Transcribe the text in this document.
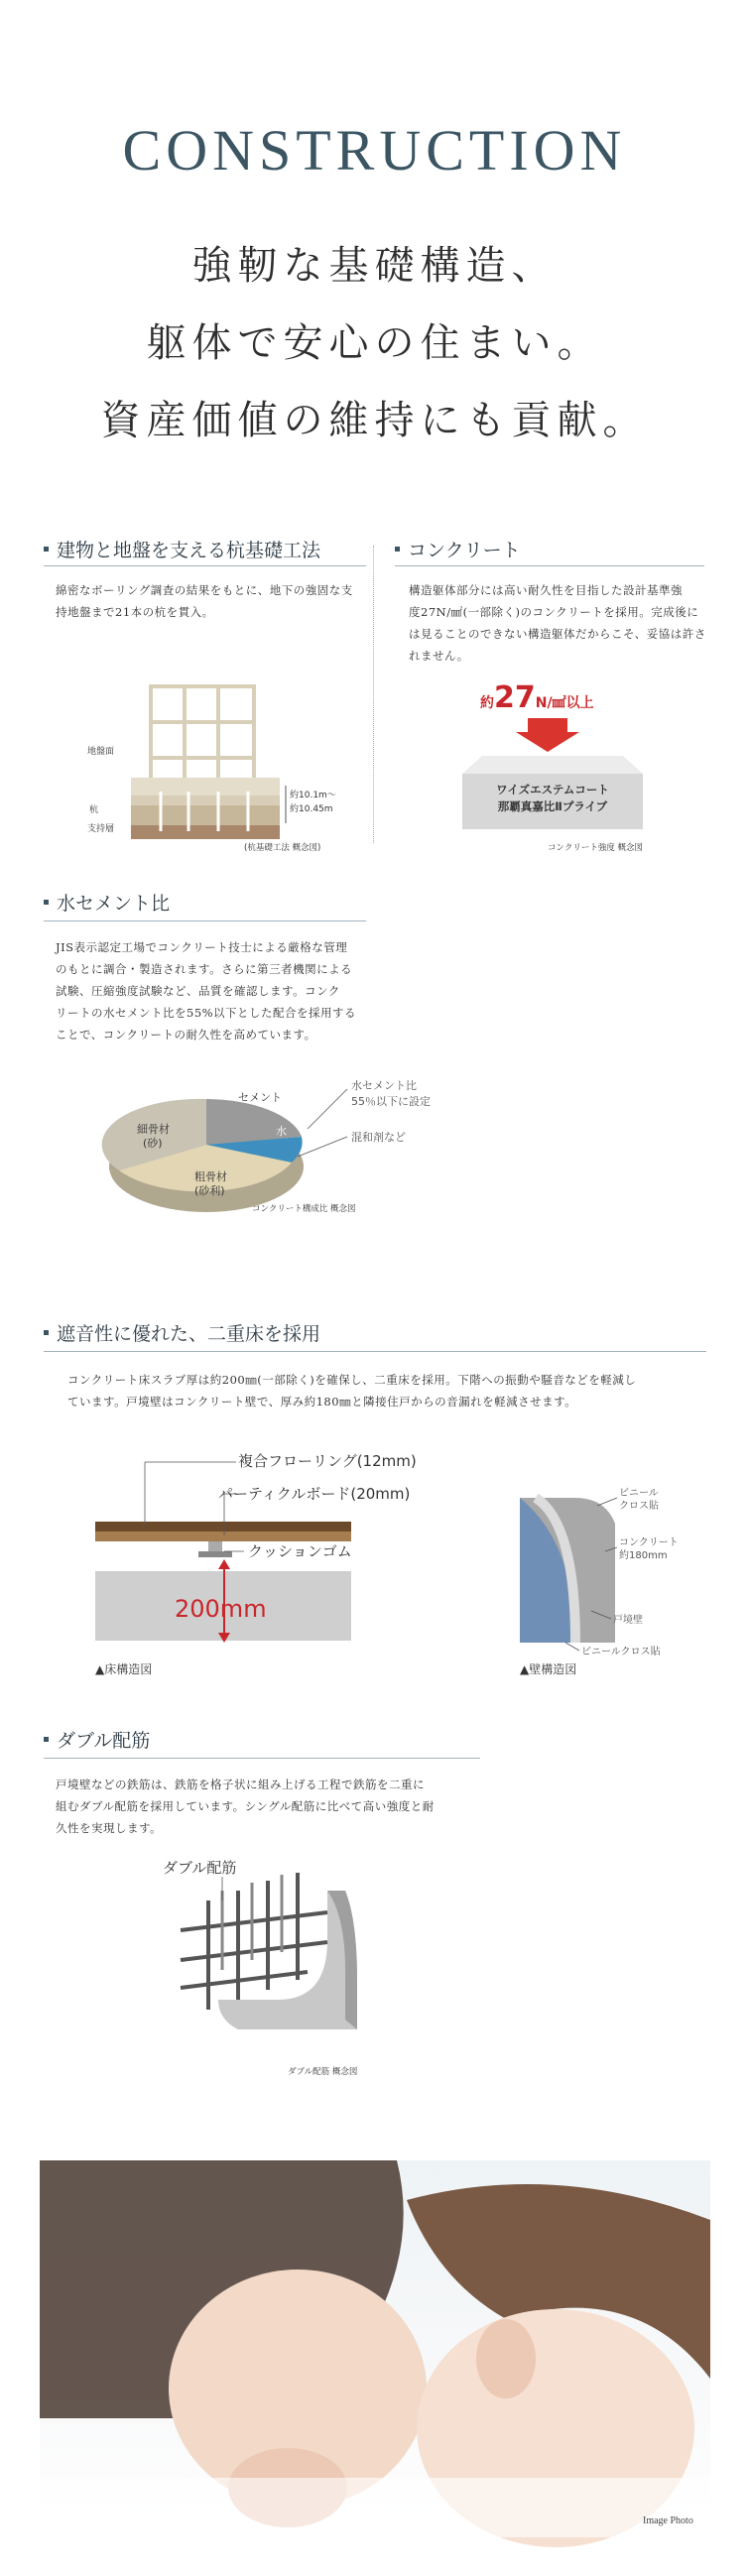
CONSTRUCTION
強靭な基礎構造、
躯体で安心の住まい。
資産価値の維持にも貢献。
建物と地盤を支える杭基礎工法
綿密なボーリング調査の結果をもとに、地下の強固な支
持地盤まで21本の杭を貫入。
地盤面
杭
支持層
約10.1m〜
約10.45m
(杭基礎工法 概念図)
コンクリート
構造躯体部分には高い耐久性を目指した設計基準強
度27N/㎟(一部除く)のコンクリートを採用。完成後に
は見ることのできない構造躯体だからこそ、妥協は許さ
れません。
約27N/㎟以上
ワイズエステムコート
那覇真嘉比Ⅱプライブ
コンクリート強度 概念図
水セメント比
JIS表示認定工場でコンクリート技士による厳格な管理
のもとに調合・製造されます。さらに第三者機関による
試験、圧縮強度試験など、品質を確認します。コンク
リートの水セメント比を55%以下とした配合を採用する
ことで、コンクリートの耐久性を高めています。
セメント
水
細骨材
(砂)
粗骨材
(砂利)
水セメント比
55％以下に設定
混和剤など
コンクリート構成比 概念図
遮音性に優れた、二重床を採用
コンクリート床スラブ厚は約200㎜(一部除く)を確保し、二重床を採用。下階への振動や騒音などを軽減し
ています。戸境壁はコンクリート壁で、厚み約180㎜と隣接住戸からの音漏れを軽減させます。
複合フローリング(12mm)
パーティクルボード(20mm)
クッションゴム
200mm
▲床構造図
ビニール
クロス貼
コンクリート
約180mm
戸境壁
ビニールクロス貼
▲壁構造図
ダブル配筋
戸境壁などの鉄筋は、鉄筋を格子状に組み上げる工程で鉄筋を二重に
組むダブル配筋を採用しています。シングル配筋に比べて高い強度と耐
久性を実現します。
ダブル配筋
ダブル配筋 概念図
Image Photo
